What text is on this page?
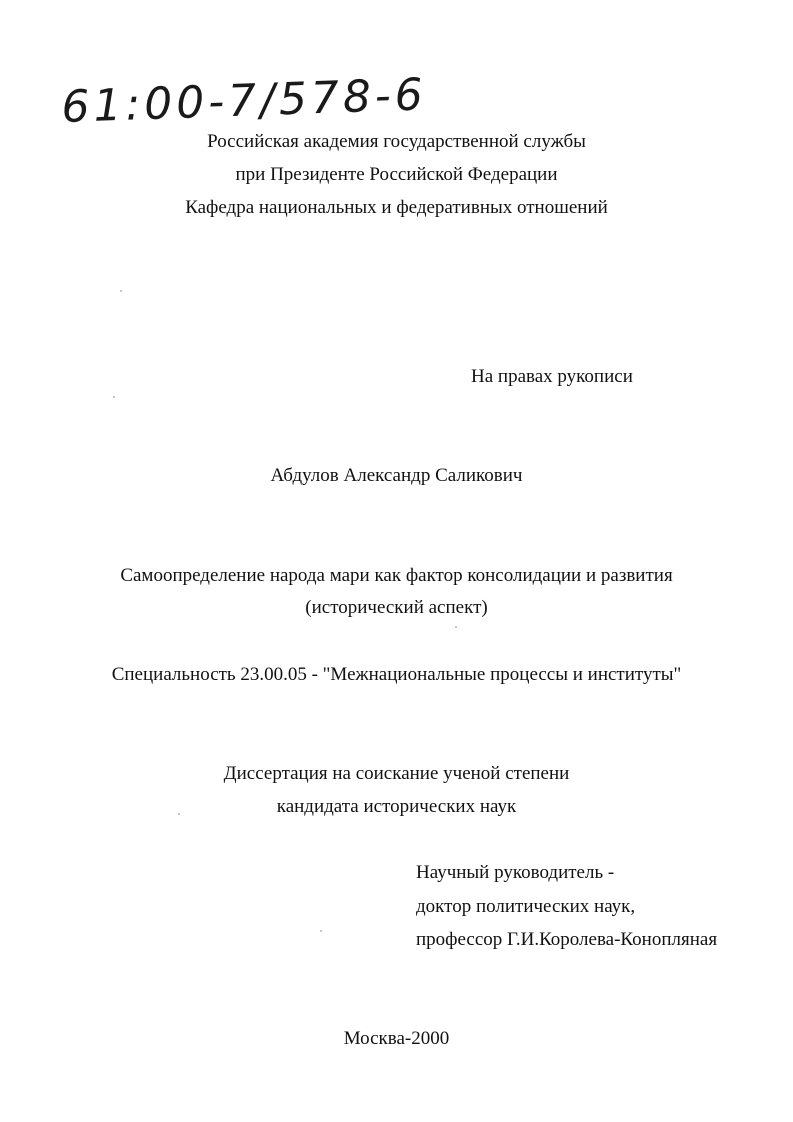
61:00-7/578-6
Российская академия государственной службы
при Президенте Российской Федерации
Кафедра национальных и федеративных отношений
На правах рукописи
Абдулов Александр Саликович
Самоопределение народа мари как фактор консолидации и развития
(исторический аспект)
Специальность 23.00.05 - "Межнациональные процессы и институты"
Диссертация на соискание ученой степени
кандидата исторических наук
Научный руководитель -
доктор политических наук,
профессор Г.И.Королева-Конопляная
Москва-2000
